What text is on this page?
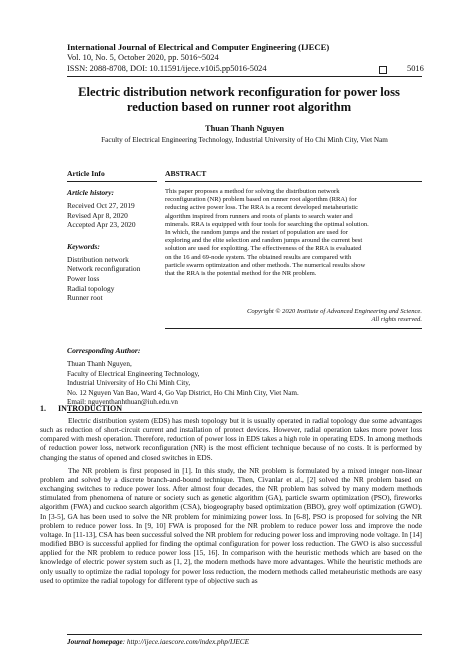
International Journal of Electrical and Computer Engineering (IJECE)
Vol. 10, No. 5, October 2020, pp. 5016~5024
ISSN: 2088-8708, DOI: 10.11591/ijece.v10i5.pp5016-5024	5016
Electric distribution network reconfiguration for power loss
reduction based on runner root algorithm
Thuan Thanh Nguyen
Faculty of Electrical Engineering Technology, Industrial University of Ho Chi Minh City, Viet Nam
Article Info
Article history:
Received Oct 27, 2019
Revised Apr 8, 2020
Accepted Apr 23, 2020
Keywords:
Distribution network
Network reconfiguration
Power loss
Radial topology
Runner root
ABSTRACT
This paper proposes a method for solving the distribution network
reconfiguration (NR) problem based on runner root algorithm (RRA) for
reducing active power loss. The RRA is a recent developed metaheuristic
algorithm inspired from runners and roots of plants to search water and
minerals. RRA is equipped with four tools for searching the optimal solution.
In which, the random jumps and the restart of population are used for
exploring and the elite selection and random jumps around the current best
solution are used for exploiting. The effectiveness of the RRA is evaluated
on the 16 and 69-node system. The obtained results are compared with
particle swarm optimization and other methods. The numerical results show
that the RRA is the potential method for the NR problem.
Copyright © 2020 Institute of Advanced Engineering and Science.
All rights reserved.
Corresponding Author:
Thuan Thanh Nguyen,
Faculty of Electrical Engineering Technology,
Industrial University of Ho Chi Minh City,
No. 12 Nguyen Van Bao, Ward 4, Go Vap District, Ho Chi Minh City, Viet Nam.
Email: nguyenthanhthuan@iuh.edu.vn
1.      INTRODUCTION

Electric distribution system (EDS) has mesh topology but it is usually operated in radial topology due some advantages such as reduction of short-circuit current and installation of protect devices. However, radial operation takes more power loss compared with mesh operation. Therefore, reduction of power loss in EDS takes a high role in operating EDS. In among methods of reduction power loss, network reconfiguration (NR) is the most efficient technique because of no costs. It is performed by changing the status of opened and closed switches in EDS.

The NR problem is first proposed in [1]. In this study, the NR problem is formulated by a mixed integer non-linear problem and solved by a discrete branch-and-bound technique. Then, Civanlar et al., [2] solved the NR problem based on exchanging switches to reduce power loss. After almost four decades, the NR problem has solved by many modern methods stimulated from phenomena of nature or society such as genetic algorithm (GA), particle swarm optimization (PSO), fireworks algorithm (FWA) and cuckoo search algorithm (CSA), biogeography based optimization (BBO), grey wolf optimization (GWO). In [3-5], GA has been used to solve the NR problem for minimizing power loss. In [6-8], PSO is proposed for solving the NR problem to reduce power loss. In [9, 10] FWA is proposed for the NR problem to reduce power loss and improve the node voltage. In [11-13], CSA has been successful solved the NR problem for reducing power loss and improving node voltage. In [14] modified BBO is successful applied for finding the optimal configuration for power loss reduction. The GWO is also successful applied for the NR problem to reduce power loss [15, 16]. In comparison with the heuristic methods which are based on the knowledge of electric power system such as [1, 2], the modern methods have more advantages. While the heuristic methods are only usually to optimize the radial topology for power loss reduction, the modern methods called metaheuristic methods are easy used to optimize the radial topology for different type of objective such as

Journal homepage: http://ijece.iaescore.com/index.php/IJECE
